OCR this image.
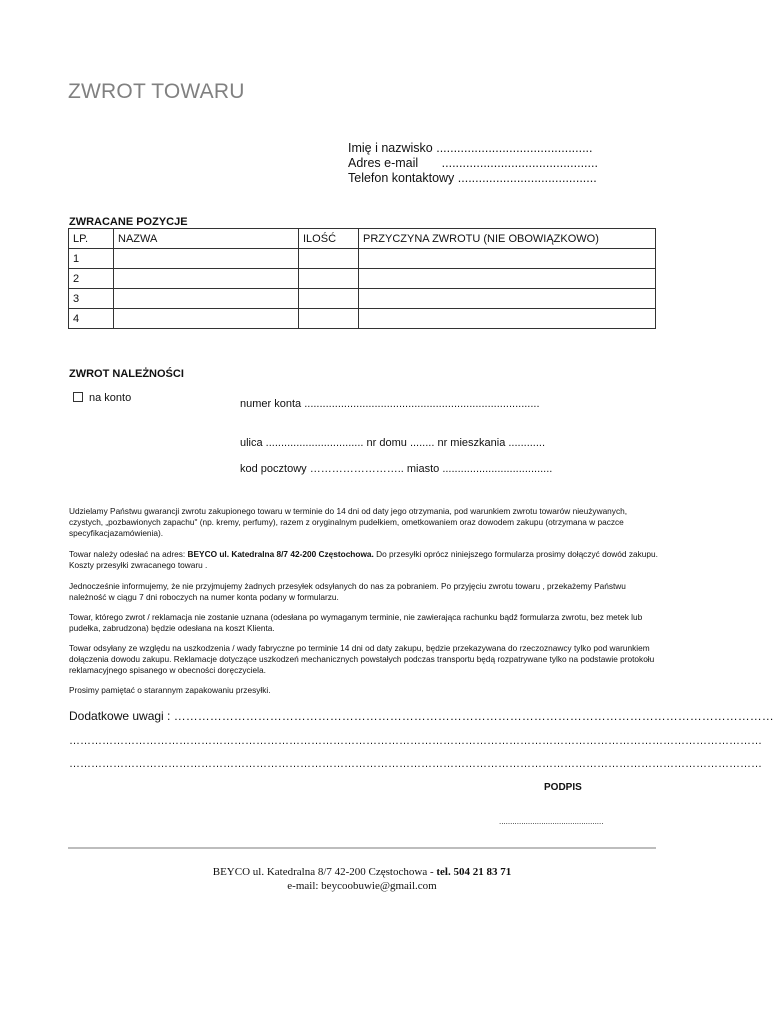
ZWROT TOWARU
Imię i nazwisko .............................................
Adres e-mail .............................................
Telefon kontaktowy ........................................
ZWRACANE POZYCJE
LP.	NAZWA	ILOŚĆ	PRZYCZYNA ZWROTU (NIE OBOWIĄZKOWO)
1			
2			
3			
4			
ZWROT NALEŻNOŚCI
na konto	numer konta .............................................................................
ulica ................................ nr domu ........ nr mieszkania ............
kod pocztowy …………………….. miasto ....................................

Udzielamy Państwu gwarancji zwrotu zakupionego towaru w terminie do 14 dni od daty jego otrzymania, pod warunkiem zwrotu towarów nieużywanych, czystych, „pozbawionych zapachu" (np. kremy, perfumy), razem z oryginalnym pudełkiem, ometkowaniem oraz dowodem zakupu (otrzymana w paczce specyfikacjazamówienia).

Towar należy odesłać na adres: BEYCO ul. Katedralna 8/7 42-200 Częstochowa. Do przesyłki oprócz niniejszego formularza prosimy dołączyć dowód zakupu. Koszty przesyłki zwracanego towaru .

Jednocześnie informujemy, że nie przyjmujemy żadnych przesyłek odsyłanych do nas za pobraniem. Po przyjęciu zwrotu towaru , przekażemy Państwu należność w ciągu 7 dni roboczych na numer konta podany w formularzu.

Towar, którego zwrot / reklamacja nie zostanie uznana (odesłana po wymaganym terminie, nie zawierająca rachunku bądź formularza zwrotu, bez metek lub pudełka, zabrudzona) będzie odesłana na koszt Klienta.

Towar odsyłany ze względu na uszkodzenia / wady fabryczne po terminie 14 dni od daty zakupu, będzie przekazywana do rzeczoznawcy tylko pod warunkiem dołączenia dowodu zakupu. Reklamacje dotyczące uszkodzeń mechanicznych powstałych podczas transportu będą rozpatrywane tylko na podstawie protokołu reklamacyjnego spisanego w obecności doręczyciela.

Prosimy pamiętać o starannym zapakowaniu przesyłki.

Dodatkowe uwagi : ……………………………………………………………………………………………………………………………………
………………………………………………………………………………………………………………………………………………………………………
………………………………………………………………………………………………………………………………………………………………………
PODPIS
...............................................
BEYCO ul. Katedralna 8/7 42-200 Częstochowa - tel. 504 21 83 71
e-mail: beycoobuwie@gmail.com
